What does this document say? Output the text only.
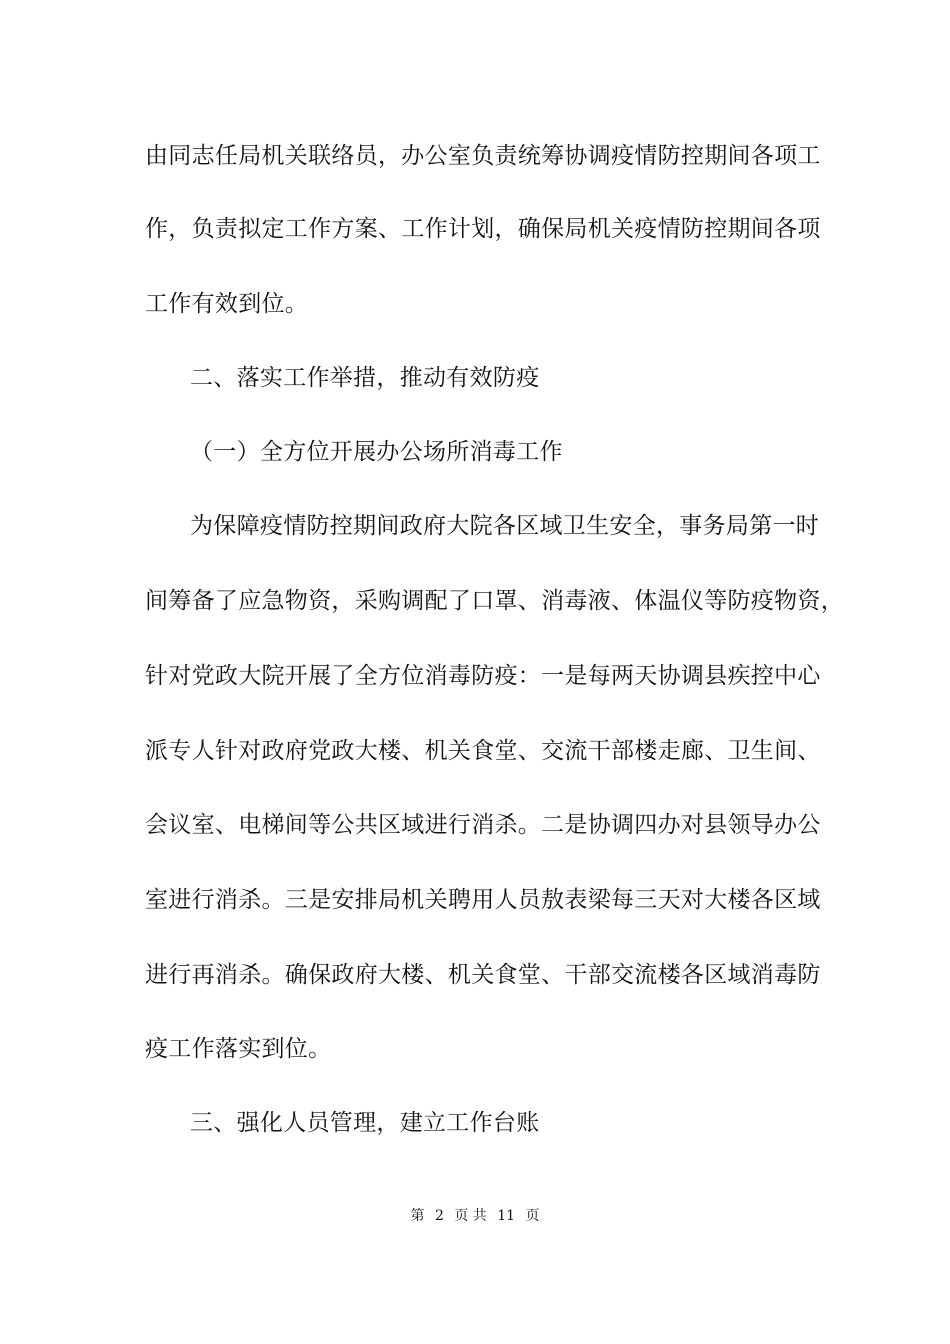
由同志任局机关联络员，办公室负责统筹协调疫情防控期间各项工
作，负责拟定工作方案、工作计划，确保局机关疫情防控期间各项
工作有效到位。
二、落实工作举措，推动有效防疫
（一）全方位开展办公场所消毒工作
为保障疫情防控期间政府大院各区域卫生安全，事务局第一时
间筹备了应急物资，采购调配了口罩、消毒液、体温仪等防疫物资，
针对党政大院开展了全方位消毒防疫：一是每两天协调县疾控中心
派专人针对政府党政大楼、机关食堂、交流干部楼走廊、卫生间、
会议室、电梯间等公共区域进行消杀。二是协调四办对县领导办公
室进行消杀。三是安排局机关聘用人员敖表梁每三天对大楼各区域
进行再消杀。确保政府大楼、机关食堂、干部交流楼各区域消毒防
疫工作落实到位。
三、强化人员管理，建立工作台账
第 2 页 共 11 页
